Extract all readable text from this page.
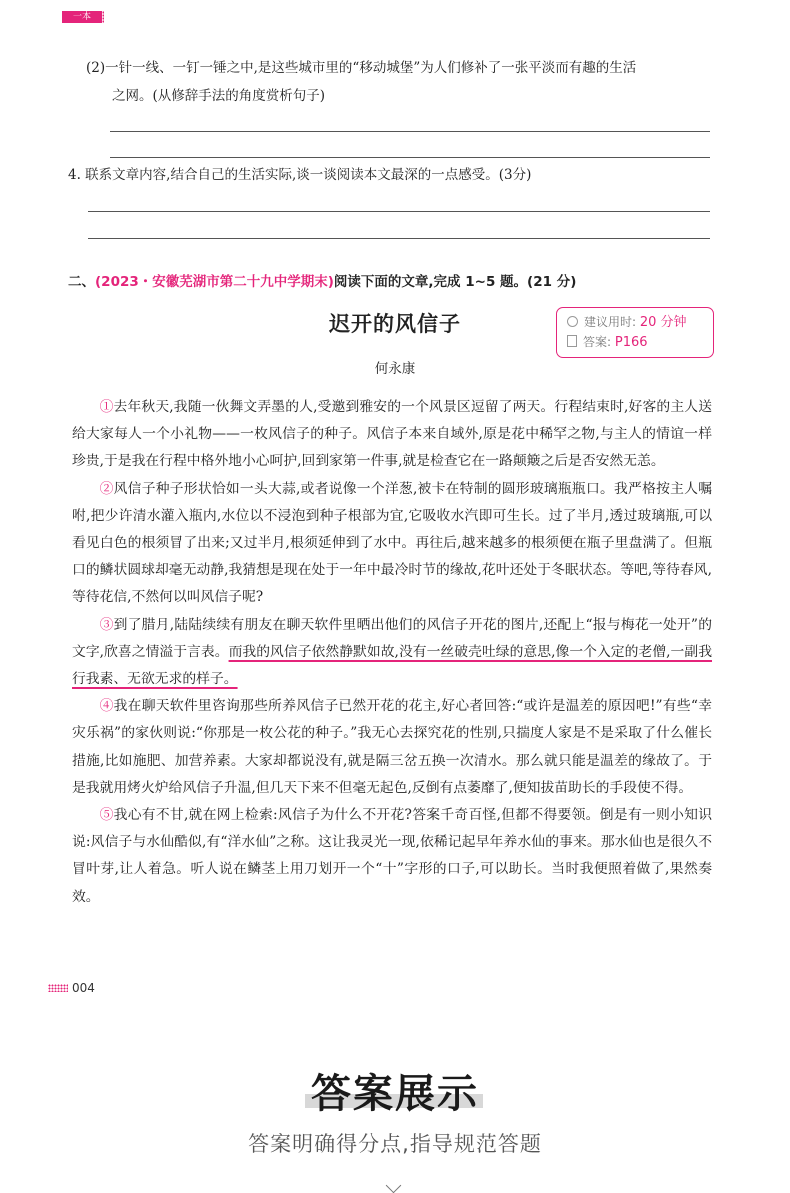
一本
(2)一针一线、一钉一锤之中,是这些城市里的“移动城堡”为人们修补了一张平淡而有趣的生活
之网。(从修辞手法的角度赏析句子)
4. 联系文章内容,结合自己的生活实际,谈一谈阅读本文最深的一点感受。(3分)
二、(2023・安徽芜湖市第二十九中学期末)阅读下面的文章,完成 1~5 题。(21 分)
迟开的风信子	建议用时: 20 分钟
答案: P166
何永康

①去年秋天,我随一伙舞文弄墨的人,受邀到雅安的一个风景区逗留了两天。行程结束时,好客的主人送给大家每人一个小礼物——一枚风信子的种子。风信子本来自域外,原是花中稀罕之物,与主人的情谊一样珍贵,于是我在行程中格外地小心呵护,回到家第一件事,就是检查它在一路颠簸之后是否安然无恙。

②风信子种子形状恰如一头大蒜,或者说像一个洋葱,被卡在特制的圆形玻璃瓶瓶口。我严格按主人嘱咐,把少许清水灌入瓶内,水位以不浸泡到种子根部为宜,它吸收水汽即可生长。过了半月,透过玻璃瓶,可以看见白色的根须冒了出来;又过半月,根须延伸到了水中。再往后,越来越多的根须便在瓶子里盘满了。但瓶口的鳞状圆球却毫无动静,我猜想是现在处于一年中最冷时节的缘故,花叶还处于冬眠状态。等吧,等待春风,等待花信,不然何以叫风信子呢?

③到了腊月,陆陆续续有朋友在聊天软件里晒出他们的风信子开花的图片,还配上“报与梅花一处开”的文字,欣喜之情溢于言表。而我的风信子依然静默如故,没有一丝破壳吐绿的意思,像一个入定的老僧,一副我行我素、无欲无求的样子。

④我在聊天软件里咨询那些所养风信子已然开花的花主,好心者回答:“或许是温差的原因吧!”有些“幸灾乐祸”的家伙则说:“你那是一枚公花的种子。”我无心去探究花的性别,只揣度人家是不是采取了什么催长措施,比如施肥、加营养素。大家却都说没有,就是隔三岔五换一次清水。那么就只能是温差的缘故了。于是我就用烤火炉给风信子升温,但几天下来不但毫无起色,反倒有点萎靡了,便知拔苗助长的手段使不得。

⑤我心有不甘,就在网上检索:风信子为什么不开花?答案千奇百怪,但都不得要领。倒是有一则小知识说:风信子与水仙酷似,有“洋水仙”之称。这让我灵光一现,依稀记起早年养水仙的事来。那水仙也是很久不冒叶芽,让人着急。听人说在鳞茎上用刀划开一个“十”字形的口子,可以助长。当时我便照着做了,果然奏效。

004
答案展示
答案明确得分点,指导规范答题
